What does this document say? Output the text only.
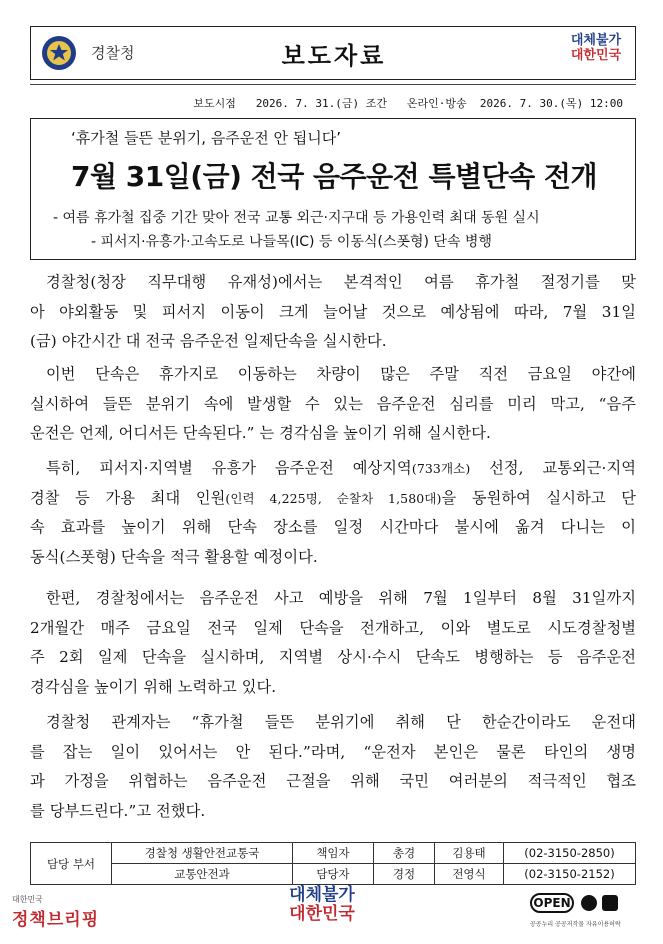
경찰청	보도자료
대체불가
대한민국
보도시점 2026. 7. 31.(금) 조간 온라인·방송 2026. 7. 30.(목) 12:00
‘휴가철 들뜬 분위기, 음주운전 안 됩니다’
7월 31일(금) 전국 음주운전 특별단속 전개
- 여름 휴가철 집중 기간 맞아 전국 교통 외근·지구대 등 가용인력 최대 동원 실시
- 피서지·유흥가·고속도로 나들목(IC) 등 이동식(스폿형) 단속 병행
경찰청(청장 직무대행 유재성)에서는 본격적인 여름 휴가철 절정기를 맞
아 야외활동 및 피서지 이동이 크게 늘어날 것으로 예상됨에 따라, 7월 31일
(금) 야간시간 대 전국 음주운전 일제단속을 실시한다.
이번 단속은 휴가지로 이동하는 차량이 많은 주말 직전 금요일 야간에
실시하여 들뜬 분위기 속에 발생할 수 있는 음주운전 심리를 미리 막고, “음주
운전은 언제, 어디서든 단속된다.” 는 경각심을 높이기 위해 실시한다.
특히, 피서지·지역별 유흥가 음주운전 예상지역(733개소) 선정, 교통외근·지역
경찰 등 가용 최대 인원(인력 4,225명, 순찰차 1,580대)을 동원하여 실시하고 단
속 효과를 높이기 위해 단속 장소를 일정 시간마다 불시에 옮겨 다니는 이
동식(스폿형) 단속을 적극 활용할 예정이다.
한편, 경찰청에서는 음주운전 사고 예방을 위해 7월 1일부터 8월 31일까지
2개월간 매주 금요일 전국 일제 단속을 전개하고, 이와 별도로 시도경찰청별
주 2회 일제 단속을 실시하며, 지역별 상시·수시 단속도 병행하는 등 음주운전
경각심을 높이기 위해 노력하고 있다.
경찰청 관계자는 “휴가철 들뜬 분위기에 취해 단 한순간이라도 운전대
를 잡는 일이 있어서는 안 된다.”라며, “운전자 본인은 물론 타인의 생명
과 가정을 위협하는 음주운전 근절을 위해 국민 여러분의 적극적인 협조
를 당부드린다.”고 전했다.
담당 부서	경찰청 생활안전교통국	책임자	총경	김용태	(02-3150-2850)
	교통안전과	담당자	경정	전영식	(02-3150-2152)
대한민국
정책브리핑
대체불가
대한민국
OPEN
공공누리 공공저작물 자유이용허락
